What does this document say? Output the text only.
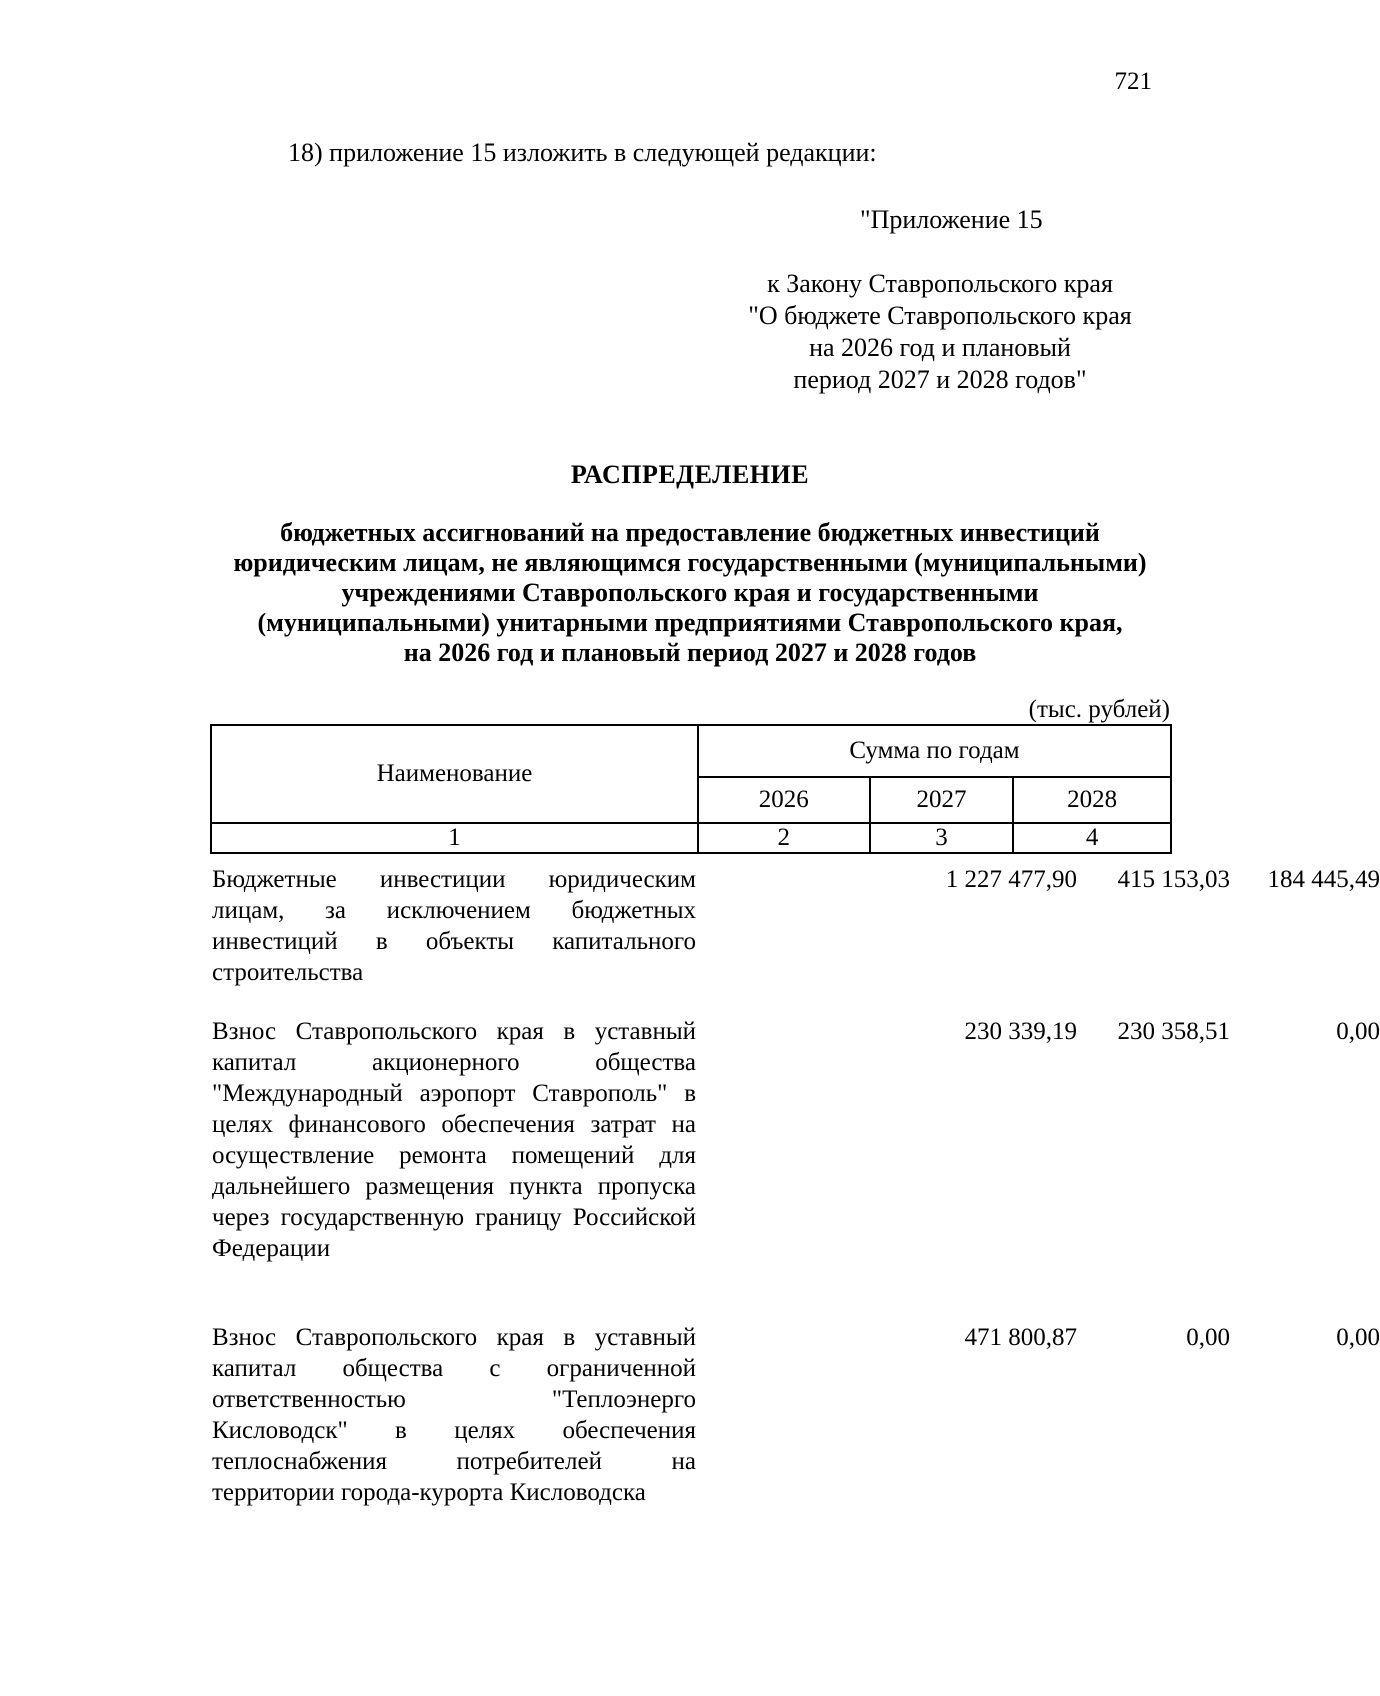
721
18) приложение 15 изложить в следующей редакции:
"Приложение 15
к Закону Ставропольского края
"О бюджете Ставропольского края
на 2026 год и плановый
период 2027 и 2028 годов"
РАСПРЕДЕЛЕНИЕ
бюджетных ассигнований на предоставление бюджетных инвестиций
юридическим лицам, не являющимся государственными (муниципальными)
учреждениями Ставропольского края и государственными
(муниципальными) унитарными предприятиями Ставропольского края,
на 2026 год и плановый период 2027 и 2028 годов
(тыс. рублей)
Наименование	Сумма по годам		
	2026	2027	2028
1	2	3	4
Бюджетные инвестиции юридическим лицам, за исключением бюджетных инвестиций в объекты капитального строительства
1 227 477,90	415 153,03	184 445,49
Взнос Ставропольского края в уставный капитал акционерного общества "Международный аэропорт Ставрополь" в целях финансового обеспечения затрат на осуществление ремонта помещений для дальнейшего размещения пункта пропуска через государственную границу Российской Федерации
230 339,19	230 358,51	0,00
Взнос Ставропольского края в уставный капитал общества с ограниченной ответственностью "Теплоэнерго Кисловодск" в целях обеспечения теплоснабжения потребителей на территории города-курорта Кисловодска
471 800,87	0,00	0,00
